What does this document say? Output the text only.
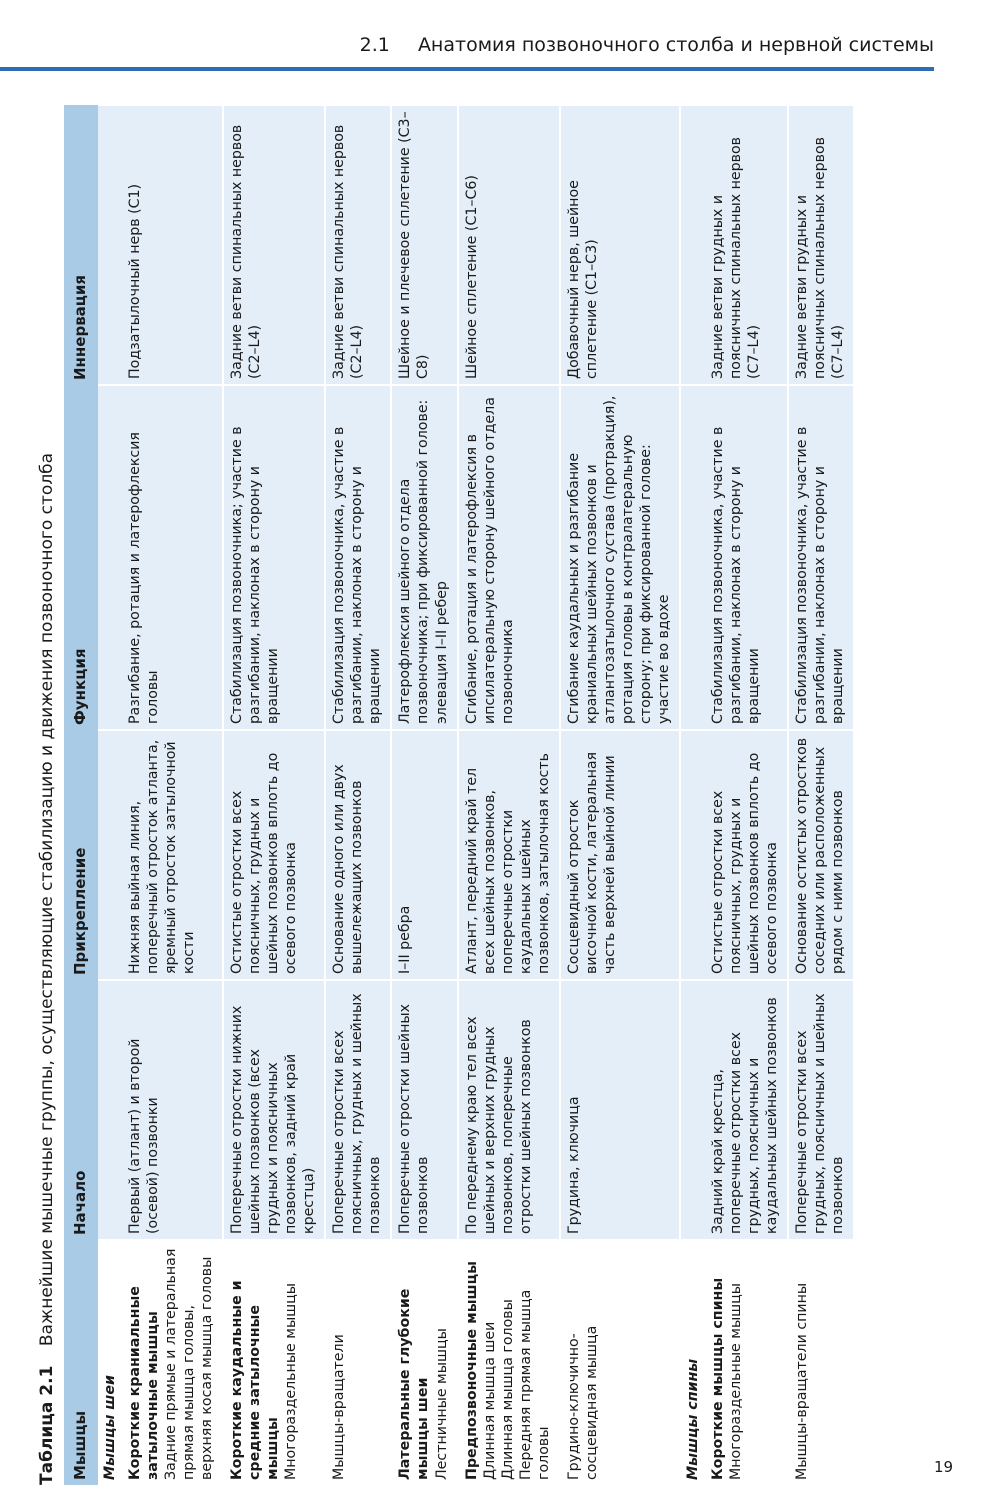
2.1 Анатомия позвоночного столба и нервной системы
Таблица 2.1 Важнейшие мышечные группы, осуществляющие стабилизацию и движения позвоночного столба
Мышцы	Начало	Прикрепление	Функция	Иннервация
Мышцы шеи				

Короткие краниальные затылочные мышцы Задние прямые и латеральная прямая мышца головы, верхняя косая мышца головы	Первый (атлант) и второй (осевой) позвонки	Нижняя выйная линия, поперечный отросток атланта, яремный отросток затылочной кости	Разгибание, ротация и латерофлексия головы	Подзатылочный нерв (C1)

Короткие каудальные и средние затылочные мышцы Многораздельные мышцы	Поперечные отростки нижних шейных позвонков (всех грудных и поясничных позвонков, задний край крестца)	Остистые отростки всех поясничных, грудных и шейных позвонков вплоть до осевого позвонка	Стабилизация позвоночника; участие в разгибании, наклонах в сторону и вращении	Задние ветви спинальных нервов (C2–L4)

Мышцы-вращатели	Поперечные отростки всех поясничных, грудных и шейных позвонков	Основание одного или двух вышележащих позвонков	Стабилизация позвоночника, участие в разгибании, наклонах в сторону и вращении	Задние ветви спинальных нервов (C2–L4)

Латеральные глубокие мышцы шеи Лестничные мышцы	Поперечные отростки шейных позвонков	I–II ребра	Латерофлексия шейного отдела позвоночника; при фиксированной голове: элевация I–II ребер	Шейное и плечевое сплетение (C3–C8)

Предпозвоночные мышцы Длинная мышца шеи Длинная мышца головы Передняя прямая мышца головы	По переднему краю тел всех шейных и верхних грудных позвонков, поперечные отростки шейных позвонков	Атлант, передний край тел всех шейных позвонков, поперечные отростки каудальных шейных позвонков, затылочная кость	Сгибание, ротация и латерофлексия в ипсилатеральную сторону шейного отдела позвоночника	Шейное сплетение (C1–C6)

Грудино-ключично-сосцевидная мышца	Грудина, ключица	Сосцевидный отросток височной кости, латеральная часть верхней выйной линии	Сгибание каудальных и разгибание краниальных шейных позвонков и атлантозатылочного сустава (протракция), ротация головы в контралатеральную сторону; при фиксированной голове: участие во вдохе	Добавочный нерв, шейное сплетение (C1–C3)
Мышцы спины				

Короткие мышцы спины Многораздельные мышцы	Задний край крестца, поперечные отростки всех грудных, поясничных и каудальных шейных позвонков	Остистые отростки всех поясничных, грудных и шейных позвонков вплоть до осевого позвонка	Стабилизация позвоночника, участие в разгибании, наклонах в сторону и вращении	Задние ветви грудных и поясничных спинальных нервов (C7–L4)

Мышцы-вращатели спины	Поперечные отростки всех грудных, поясничных и шейных позвонков	Основание остистых отростков соседних или расположенных рядом с ними позвонков	Стабилизация позвоночника, участие в разгибании, наклонах в сторону и вращении	Задние ветви грудных и поясничных спинальных нервов (C7–L4)
19
